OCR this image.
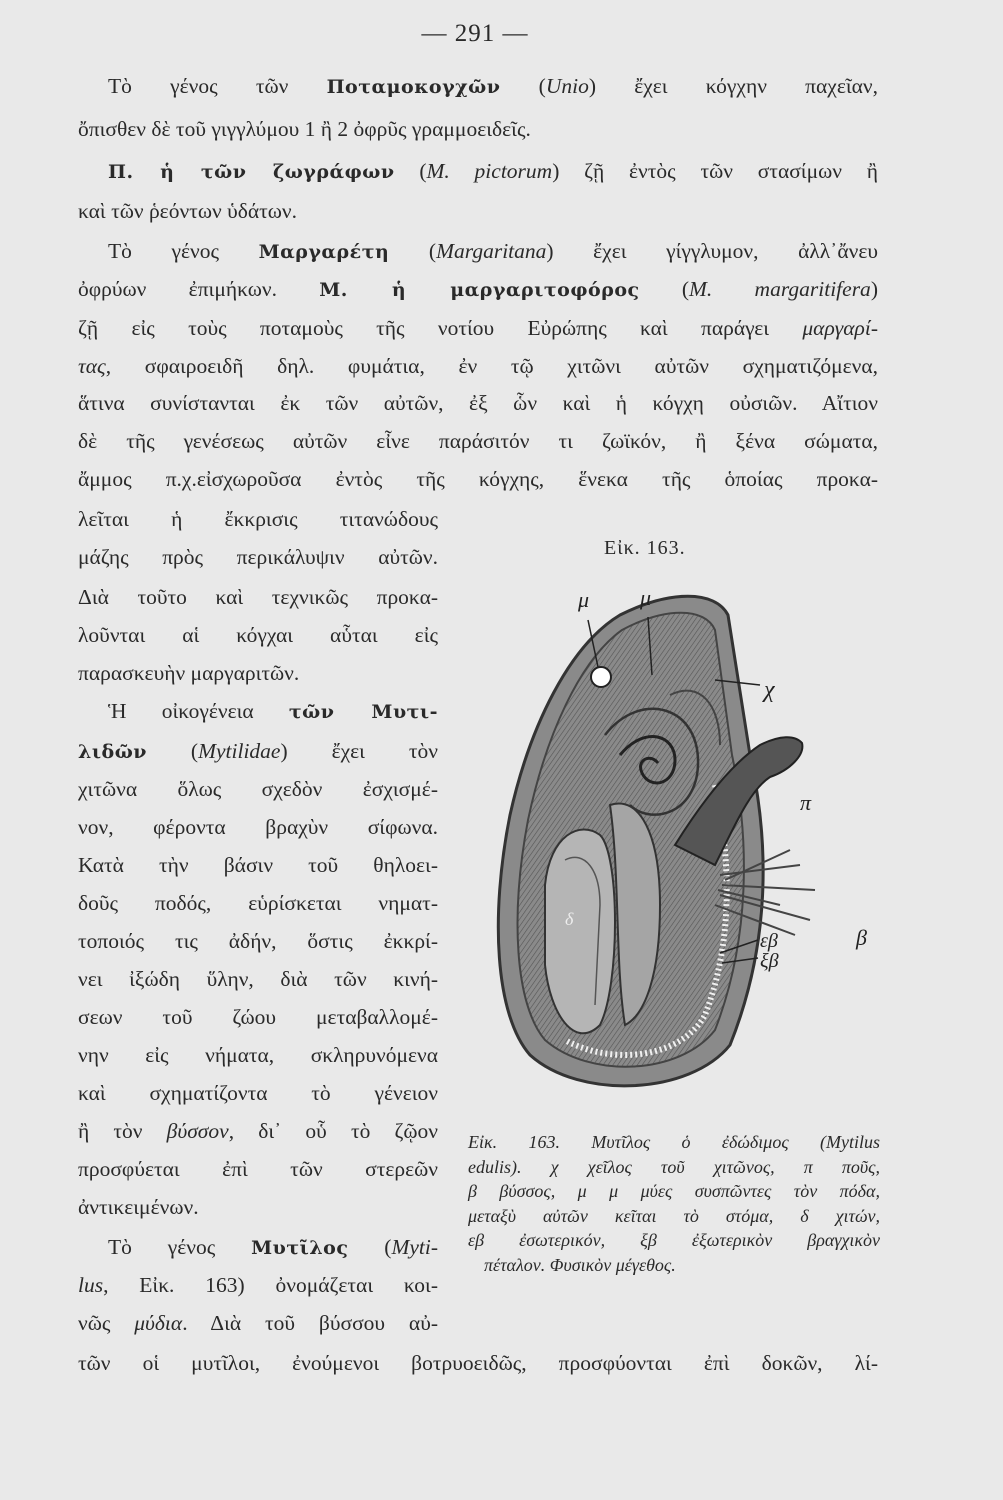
— 291 —
Τὸ γένος τῶν Ποταμοκογχῶν (Unio) ἔχει κόγχην παχεῖαν,
ὄπισθεν δὲ τοῦ γιγγλύμου 1 ἢ 2 ὀφρῦς γραμμοειδεῖς.
Π. ἡ τῶν ζωγράφων (M. pictorum) ζῇ ἐντὸς τῶν στασίμων ἢ
καὶ τῶν ῥεόντων ὑδάτων.
Τὸ γένος Μαργαρέτη (Margaritana) ἔχει γίγγλυμον, ἀλλ᾽ἄνευ
ὀφρύων ἐπιμήκων. Μ. ἡ μαργαριτοφόρος (M. margaritifera)
ζῇ εἰς τοὺς ποταμοὺς τῆς νοτίου Εὐρώπης καὶ παράγει μαργαρί-
τας, σφαιροειδῆ δηλ. φυμάτια, ἐν τῷ χιτῶνι αὐτῶν σχηματιζόμενα,
ἅτινα συνίστανται ἐκ τῶν αὐτῶν, ἐξ ὧν καὶ ἡ κόγχη οὐσιῶν. Αἴτιον
δὲ τῆς γενέσεως αὐτῶν εἶνε παράσιτόν τι ζωϊκόν, ἢ ξένα σώματα,
ἄμμος π.χ.εἰσχωροῦσα ἐντὸς τῆς κόγχης, ἕνεκα τῆς ὁποίας προκα-
λεῖται ἡ ἔκκρισις τιτανώδους
μάζης πρὸς περικάλυψιν αὐτῶν.
Διὰ τοῦτο καὶ τεχνικῶς προκα-
λοῦνται αἱ κόγχαι αὗται εἰς
παρασκευὴν μαργαριτῶν.
Ἡ οἰκογένεια τῶν Μυτι-
λιδῶν (Mytilidae) ἔχει τὸν
χιτῶνα ὅλως σχεδὸν ἐσχισμέ-
νον, φέροντα βραχὺν σίφωνα.
Κατὰ τὴν βάσιν τοῦ θηλοει-
δοῦς ποδός, εὑρίσκεται νηματ-
τοποιός τις ἀδήν, ὅστις ἐκκρί-
νει ἰξώδη ὕλην, διὰ τῶν κινή-
σεων τοῦ ζώου μεταβαλλομέ-
νην εἰς νήματα, σκληρυνόμενα
καὶ σχηματίζοντα τὸ γένειον
ἢ τὸν βύσσον, δι᾽ οὗ τὸ ζῷον
προσφύεται ἐπὶ τῶν στερεῶν
ἀντικειμένων.
Τὸ γένος Μυτῖλος (Myti-
lus, Εἰκ. 163) ὀνομάζεται κοι-
νῶς μύδια. Διὰ τοῦ βύσσου αὐ-
τῶν οἱ μυτῖλοι, ἐνούμενοι βοτρυοειδῶς, προσφύονται ἐπὶ δοκῶν, λί-
Εἰκ. 163.
μ μ
χ
π
β
εβ
ξβ
δ
Εἰκ. 163. Μυτῖλος ὁ ἐδώδιμος (Mytilus
edulis). χ χεῖλος τοῦ χιτῶνος, π ποῦς,
β βύσσος, μ μ μύες συσπῶντες τὸν πόδα,
μεταξὺ αὐτῶν κεῖται τὸ στόμα, δ χιτών,
εβ ἐσωτερικόν, ξβ ἐξωτερικὸν βραγχικὸν
πέταλον. Φυσικὸν μέγεθος.
